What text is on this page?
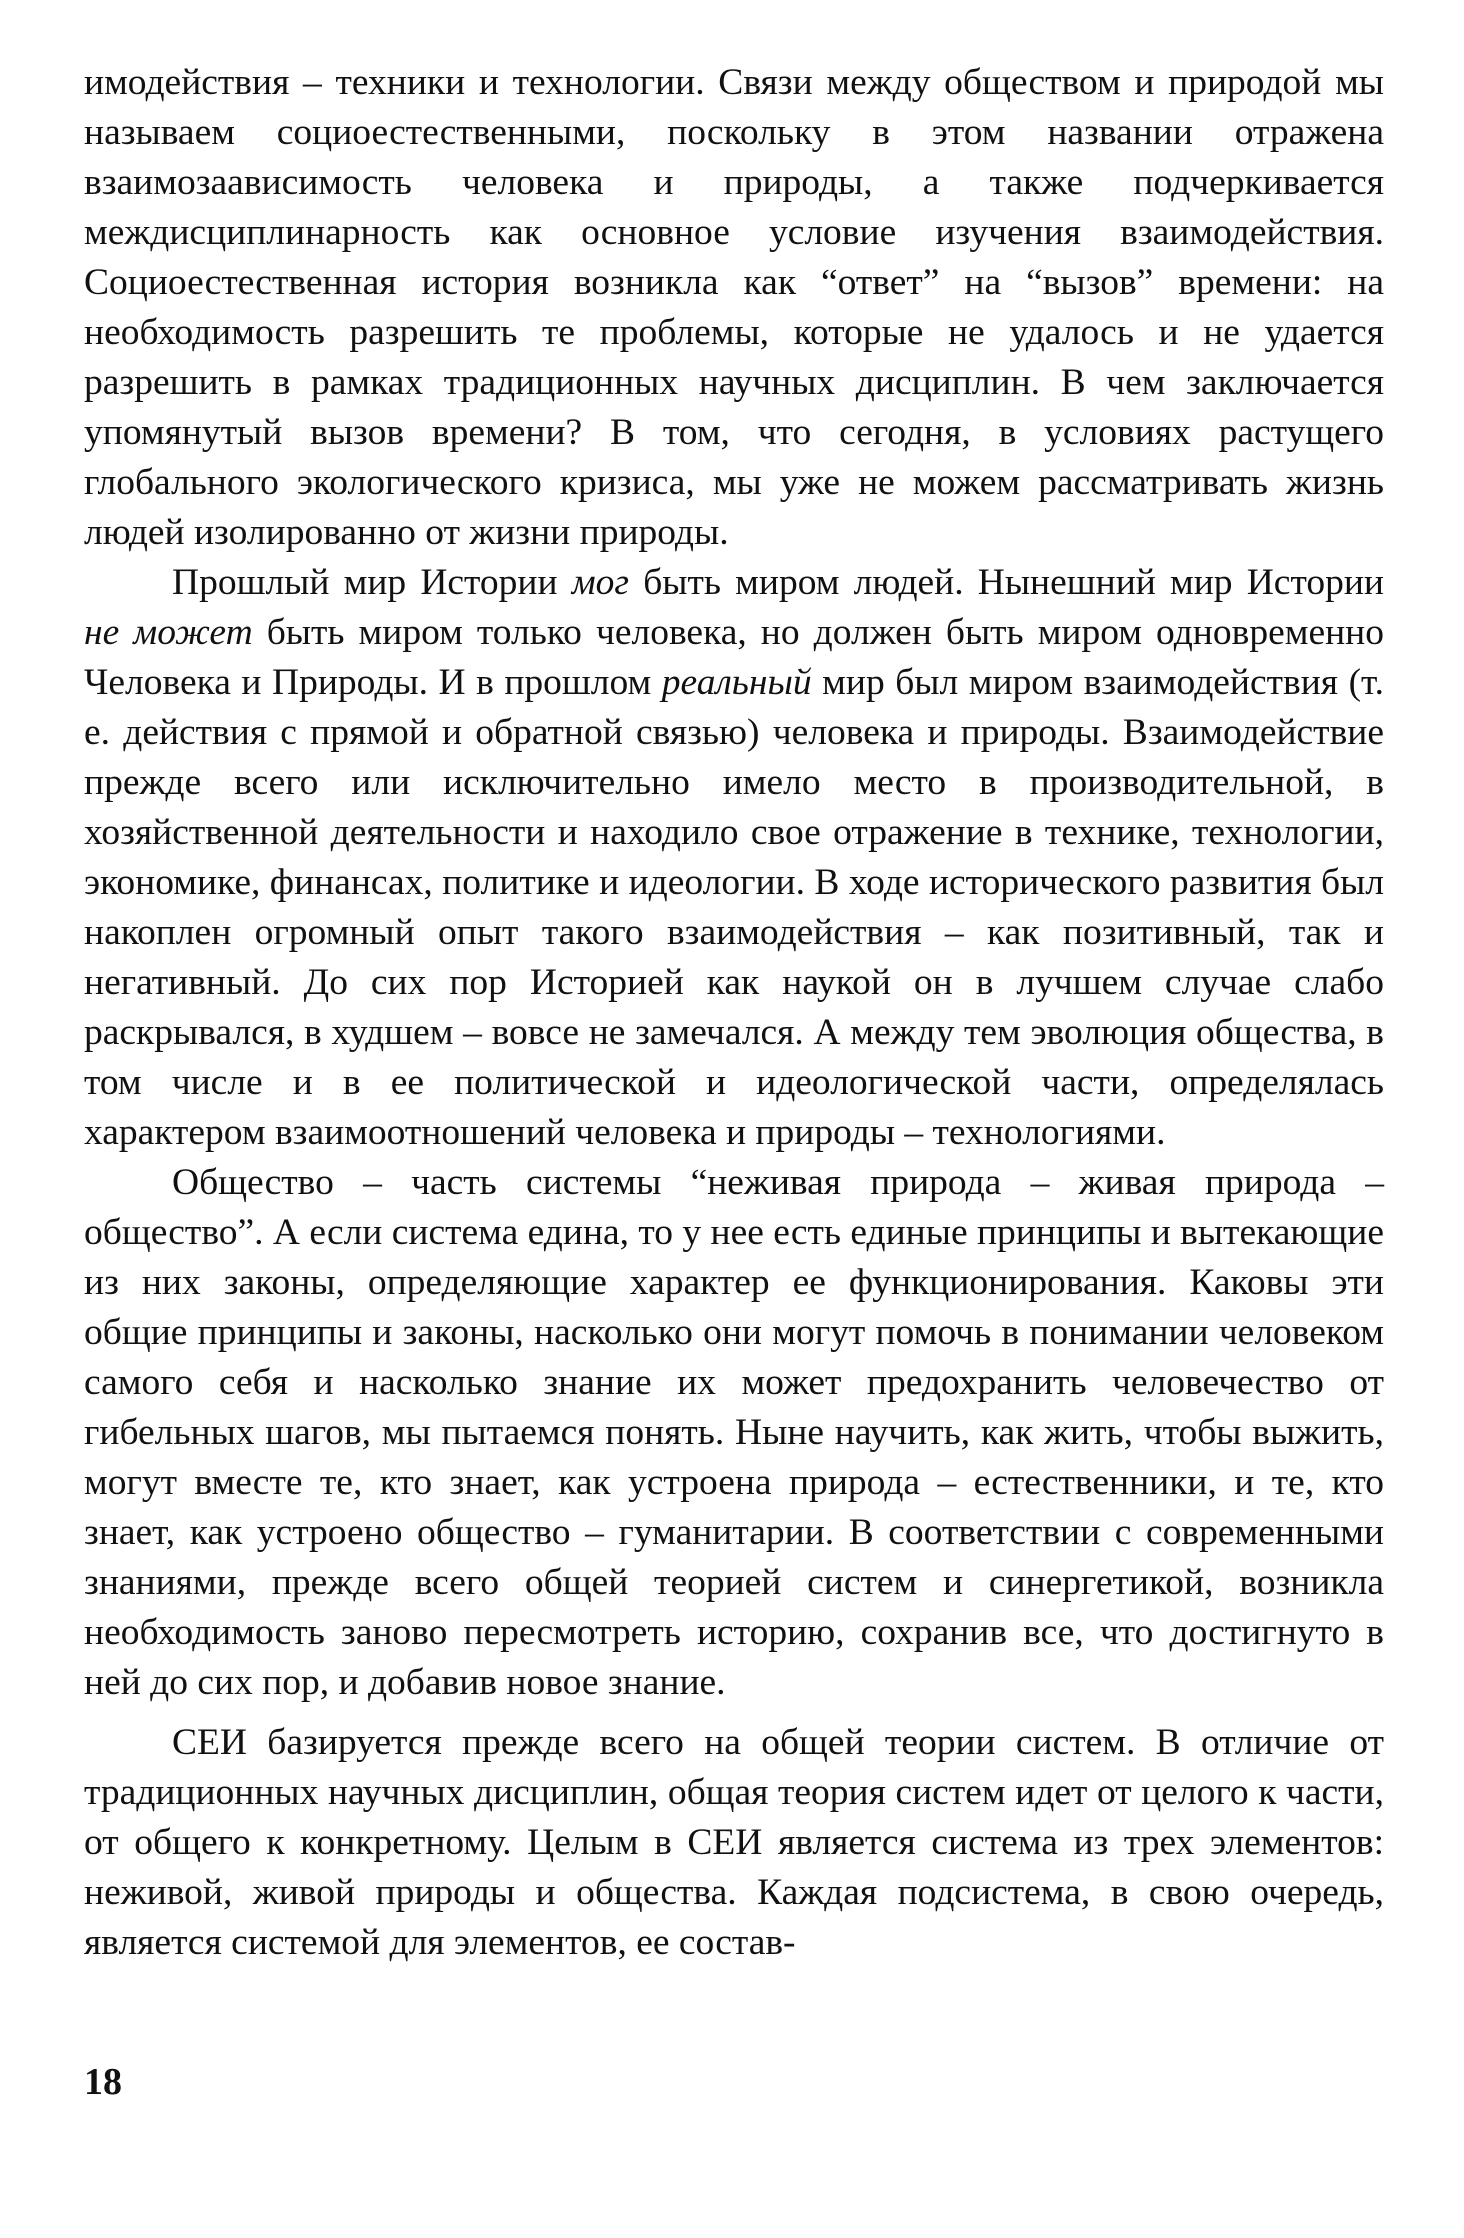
имодействия – техники и технологии. Связи между обществом и природой мы называем социоестественными, поскольку в этом названии отражена взаимозаависимость человека и природы, а также подчеркивается междисциплинарность как основное условие изучения взаимодействия. Социоестественная история возникла как “ответ” на “вызов” времени: на необходимость разрешить те проблемы, которые не удалось и не удается разрешить в рамках традиционных научных дисциплин. В чем заключается упомянутый вызов времени? В том, что сегодня, в условиях растущего глобального экологического кризиса, мы уже не можем рассматривать жизнь людей изолированно от жизни природы.

Прошлый мир Истории мог быть миром людей. Нынешний мир Истории не может быть миром только человека, но должен быть миром одновременно Человека и Природы. И в прошлом реальный мир был миром взаимодействия (т. е. действия с прямой и обратной связью) человека и природы. Взаимодействие прежде всего или исключительно имело место в производительной, в хозяйственной деятельности и находило свое отражение в технике, технологии, экономике, финансах, политике и идеологии. В ходе исторического развития был накоплен огромный опыт такого взаимодействия – как позитивный, так и негативный. До сих пор Историей как наукой он в лучшем случае слабо раскрывался, в худшем – вовсе не замечался. А между тем эволюция общества, в том числе и в ее политической и идеологической части, определялась характером взаимоотношений человека и природы – технологиями.

Общество – часть системы “неживая природа – живая природа – общество”. А если система едина, то у нее есть единые принципы и вытекающие из них законы, определяющие характер ее функционирования. Каковы эти общие принципы и законы, насколько они могут помочь в понимании человеком самого себя и насколько знание их может предохранить человечество от гибельных шагов, мы пытаемся понять. Ныне научить, как жить, чтобы выжить, могут вместе те, кто знает, как устроена природа – естественники, и те, кто знает, как устроено общество – гуманитарии. В соответствии с современными знаниями, прежде всего общей теорией систем и синергетикой, возникла необходимость заново пересмотреть историю, сохранив все, что достигнуто в ней до сих пор, и добавив новое знание.

СЕИ базируется прежде всего на общей теории систем. В отличие от традиционных научных дисциплин, общая теория систем идет от целого к части, от общего к конкретному. Целым в СЕИ является система из трех элементов: неживой, живой природы и общества. Каждая подсистема, в свою очередь, является системой для элементов, ее состав-

18
